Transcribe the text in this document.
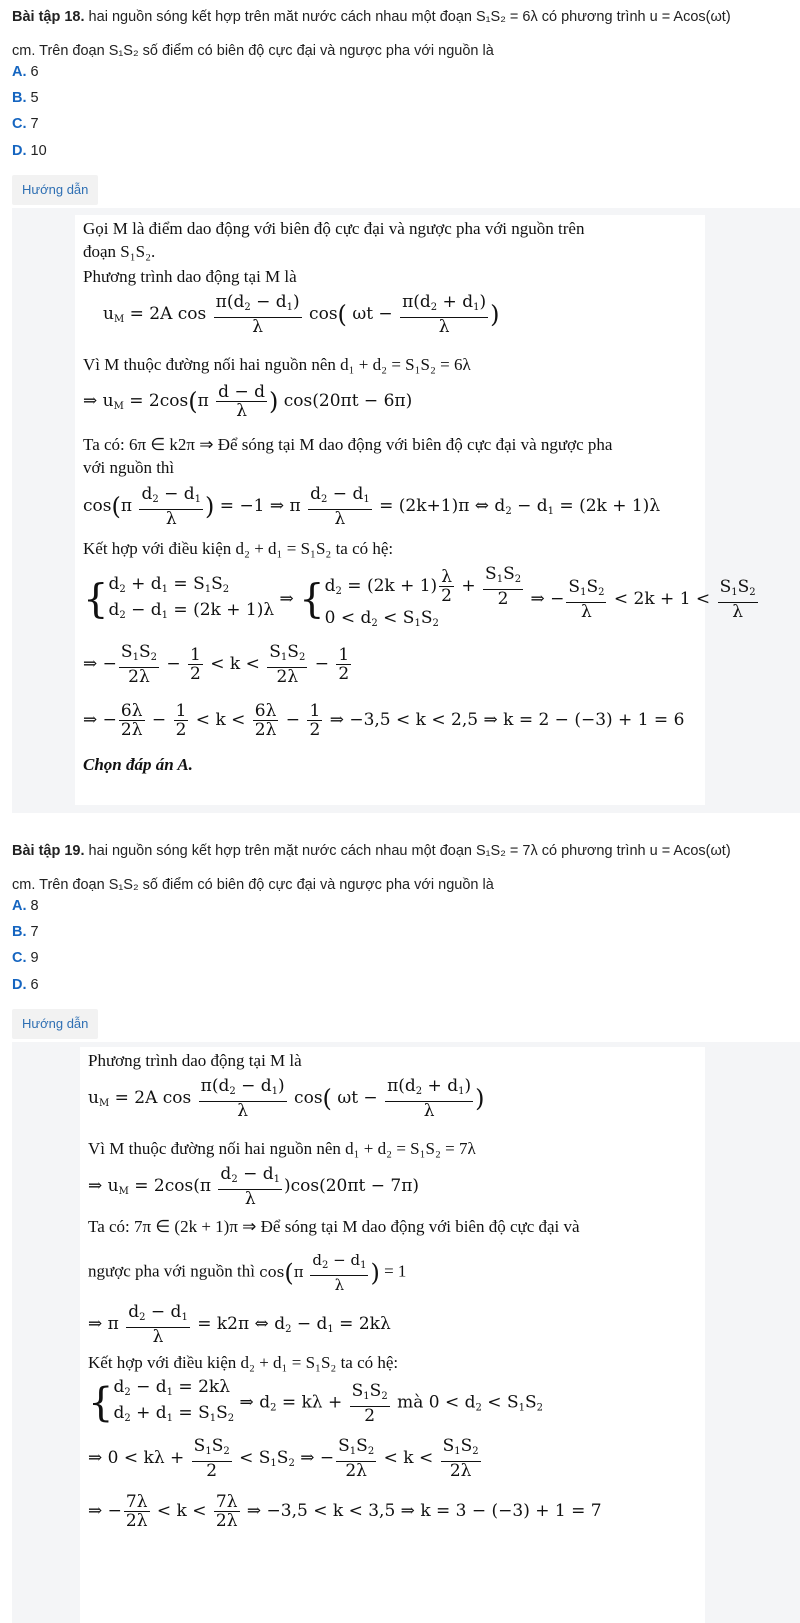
Bài tập 18. hai nguồn sóng kết hợp trên măt nước cách nhau một đoạn S₁S₂ = 6λ có phương trình u = Acos(ωt)
cm. Trên đoạn S₁S₂ số điểm có biên độ cực đại và ngược pha với nguồn là
A. 6
B. 5
C. 7
D. 10
Hướng dẫn
Gọi M là điểm dao động với biên độ cực đại và ngược pha với nguồn trên
đoạn S₁S₂.
Phương trình dao động tại M là
$u_M = 2A$ $\cos \frac{\pi(d_2 - d_1)}{\lambda} \cos$( $\omega t - \frac{\pi(d_2 + d_1)}{\lambda}$ )
Vì M thuộc đường nối hai nguồn nên d₁ + d₂ = S₁S₂ = 6λ
⇒ $u_M = 2\cos(\pi \frac{d - d}{\lambda}$ ) cos(20πt − 6π)
Ta có: 6π ∈ k2π ⇒ Để sóng tại M dao động với biên độ cực đại và ngược pha
với nguồn thì
$\cos(\pi \frac{d_2 - d_1}{\lambda}$ ) = −1 ⇒ π $\frac{d_2 - d_1}{\lambda} = (2k+1)\pi$ ⇔ $d_2 - d_1 = (2k + 1)\lambda$
Kết hợp với điều kiện d₂ + d₁ = S₁S₂ ta có hệ:
{$d_2 + d_1 = S_1S_2$
$d_2 - d_1 = (2k + 1)\lambda$ ⇒ {$d_2 = (2k + 1) \frac{\lambda}{2} + \frac{S_1S_2}{2}$

$0 < d_2 < S_1S_2$ ⇒ − $\frac{S_1S_2}{\lambda} < 2k + 1 < \frac{S_1S_2}{\lambda}$
⇒ − $\frac{S_1S_2}{2\lambda} - \frac{1}{2} < k < \frac{S_1S_2}{2\lambda} - \frac{1}{2}$
⇒ − $\frac{6\lambda}{2\lambda} - \frac{1}{2} < k < \frac{6\lambda}{2\lambda} - \frac{1}{2}$ ⇒ −3,5 < k < 2,5 ⇒ k = 2 − (−3) + 1 = 6
Chọn đáp án A.
Bài tập 19. hai nguồn sóng kết hợp trên mặt nước cách nhau một đoạn S₁S₂ = 7λ có phương trình u = Acos(ωt)
cm. Trên đoạn S₁S₂ số điểm có biên độ cực đại và ngược pha với nguồn là
A. 8
B. 7
C. 9
D. 6
Hướng dẫn
Phương trình dao động tại M là
$u_M = 2A$ $\cos \frac{\pi(d_2 - d_1)}{\lambda} \cos$( $\omega t - \frac{\pi(d_2 + d_1)}{\lambda}$ )
Vì M thuộc đường nối hai nguồn nên d₁ + d₂ = S₁S₂ = 7λ
⇒ $u_M = 2\cos(\pi \frac{d_2 - d_1}{\lambda} )\cos(20\pi t - 7\pi)$
Ta có: 7π ∈ (2k + 1)π ⇒ Để sóng tại M dao động với biên độ cực đại và
ngược pha với nguồn thì $\cos(\pi \frac{d_2 - d_1}{\lambda}$ ) = 1
⇒ π $\frac{d_2 - d_1}{\lambda} = k2\pi$ ⇔ $d_2 - d_1 = 2k\lambda$
Kết hợp với điều kiện d₂ + d₁ = S₁S₂ ta có hệ:
{$d_2 - d_1 = 2k\lambda$
$d_2 + d_1 = S_1S_2$ ⇒ $d_2 = k\lambda + \frac{S_1S_2}{2}$ mà $0 < d_2 < S_1S_2$
⇒ $0 < k\lambda + \frac{S_1S_2}{2} < S_1S_2$ ⇒ − $\frac{S_1S_2}{2\lambda} < k < \frac{S_1S_2}{2\lambda}$
⇒ − $\frac{7\lambda}{2\lambda} < k < \frac{7\lambda}{2\lambda}$ ⇒ −3,5 < k < 3,5 ⇒ k = 3 − (−3) + 1 = 7
